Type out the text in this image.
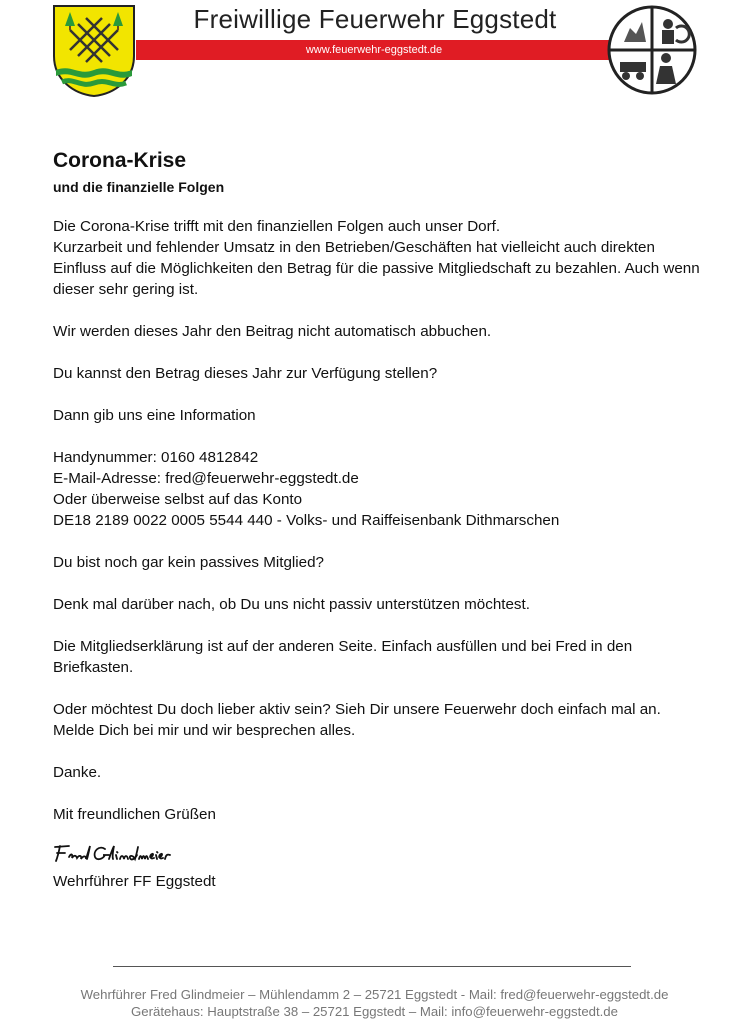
Freiwillige Feuerwehr Eggstedt
www.feuerwehr-eggstedt.de
Corona-Krise
und die finanzielle Folgen

Die Corona-Krise trifft mit den finanziellen Folgen auch unser Dorf.
Kurzarbeit und fehlender Umsatz in den Betrieben/Geschäften hat vielleicht auch direkten Einfluss auf die Möglichkeiten den Betrag für die passive Mitgliedschaft zu bezahlen. Auch wenn dieser sehr gering ist.

Wir werden dieses Jahr den Beitrag nicht automatisch abbuchen.

Du kannst den Betrag dieses Jahr zur Verfügung stellen?

Dann gib uns eine Information

Handynummer: 0160 4812842
E-Mail-Adresse: fred@feuerwehr-eggstedt.de
Oder überweise selbst auf das Konto
DE18 2189 0022 0005 5544 440 - Volks- und Raiffeisenbank Dithmarschen

Du bist noch gar kein passives Mitglied?

Denk mal darüber nach, ob Du uns nicht passiv unterstützen möchtest.

Die Mitgliedserklärung ist auf der anderen Seite. Einfach ausfüllen und bei Fred in den Briefkasten.

Oder möchtest Du doch lieber aktiv sein? Sieh Dir unsere Feuerwehr doch einfach mal an.
Melde Dich bei mir und wir besprechen alles.

Danke.

Mit freundlichen Grüßen

Wehrführer FF Eggstedt
Wehrführer Fred Glindmeier – Mühlendamm 2 – 25721 Eggstedt - Mail: fred@feuerwehr-eggstedt.de
Gerätehaus: Hauptstraße 38 – 25721 Eggstedt – Mail: info@feuerwehr-eggstedt.de
